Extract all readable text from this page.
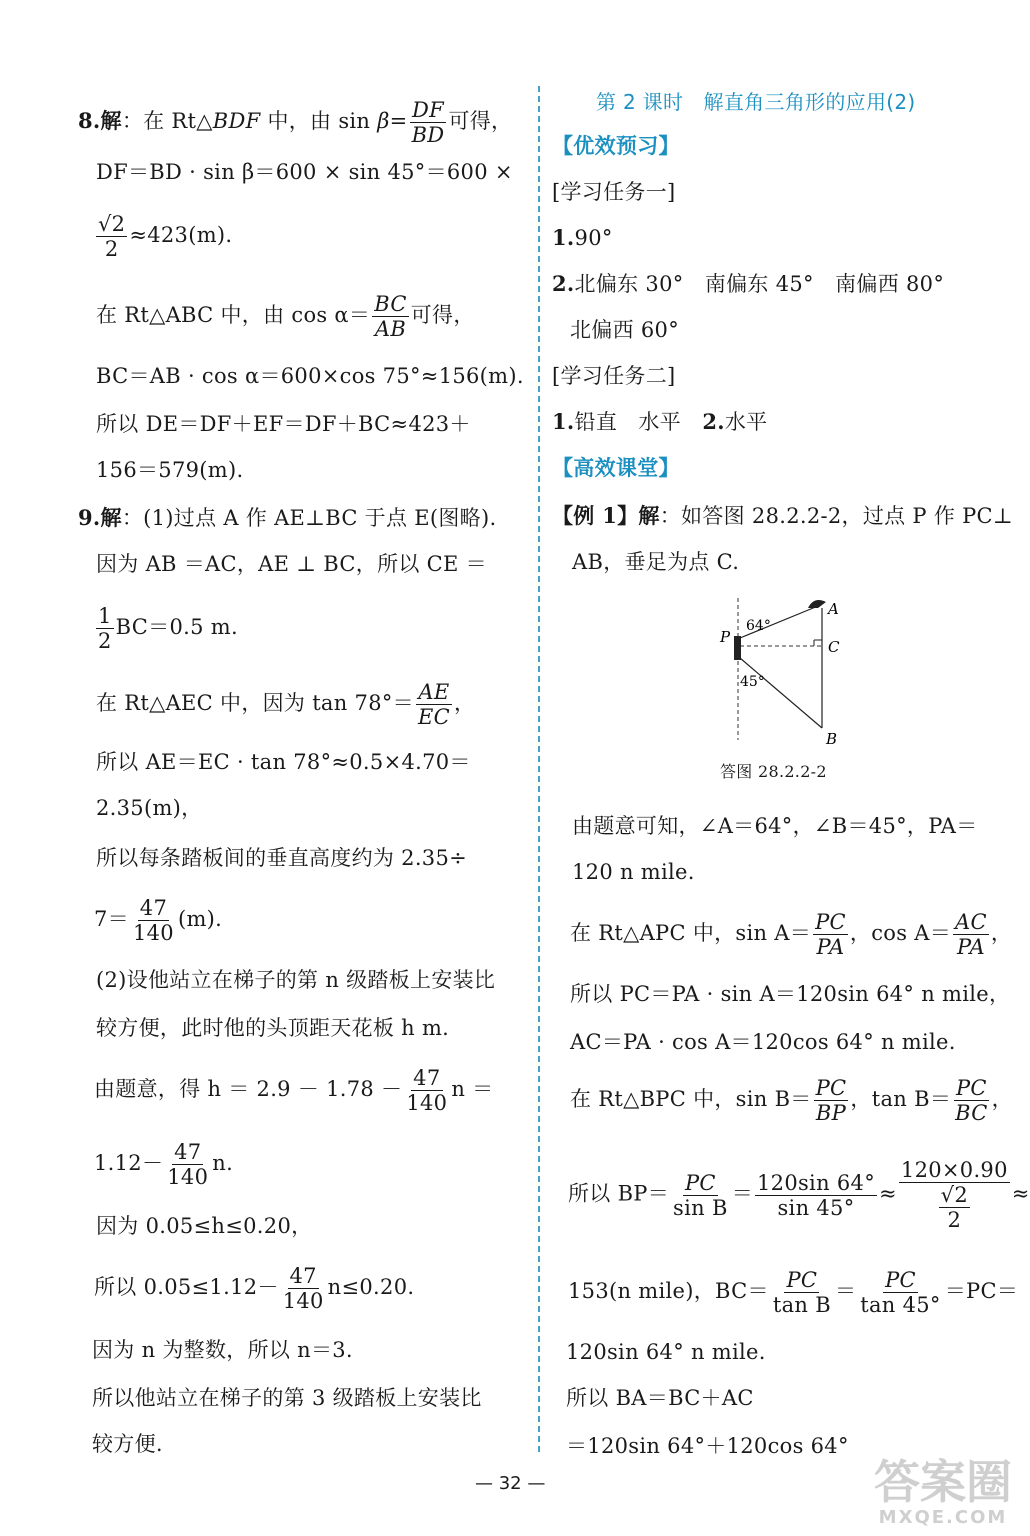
8.解：在 Rt△BDF 中，由 $\sin \beta= \frac{DF}{BD}$ 可得，
DF＝BD · sin β＝600 × sin 45°＝600 ×
$\frac{√2}{2} \approx 423(m)$.
在 Rt△ABC 中，由 $\cos \alpha= \frac{BC}{AB}$ 可得，
BC＝AB · cos α＝600×cos 75°≈156(m).
所以 DE＝DF＋EF＝DF＋BC≈423＋
156＝579(m).
9.解：(1)过点 A 作 AE⊥BC 于点 E(图略).
因为 AB ＝AC，AE ⊥ BC，所以 CE ＝
$\frac{1}{2} BC=0.5$ m.
在 Rt△AEC 中，因为 $\tan 78^\circ= \frac{AE}{EC}$ ，
所以 AE＝EC · tan 78°≈0.5×4.70＝
2.35(m)，
所以每条踏板间的垂直高度约为 2.35÷
$7= \frac{47}{140} (m)$.
(2)设他站立在梯子的第 n 级踏板上安装比
较方便，此时他的头顶距天花板 h m.
由题意，得 $h = 2.9 - 1.78 - \frac{47}{140}$ n ＝
$1.12- \frac{47}{140} n$.
因为 0.05≤h≤0.20，
所以 $0.05\le 1.12- \frac{47}{140} n\le 0.20$.
因为 n 为整数，所以 n＝3.
所以他站立在梯子的第 3 级踏板上安装比
较方便.
第 2 课时　解直角三角形的应用(2)
【优效预习】
[学习任务一]
1.90°
2.北偏东 30°　南偏东 45°　南偏西 80°
北偏西 60°
[学习任务二]
1.铅直　水平　2.水平
【高效课堂】
【例 1】解：如答图 28.2.2-2，过点 P 作 PC⊥
AB，垂足为点 C.
P
A
C
B
64°
45°
答图 28.2.2-2
由题意可知，∠A＝64°，∠B＝45°，PA＝
120 n mile.
在 Rt△APC 中，$\sin A= \frac{PC}{PA}$ ，$\cos A= \frac{AC}{PA}$ ，
所以 PC＝PA · sin A＝120sin 64° n mile，
AC＝PA · cos A＝120cos 64° n mile.
在 Rt△BPC 中，$\sin B= \frac{PC}{BP}$ ，$\tan B= \frac{PC}{BC}$ ，
所以 $BP= \frac{PC}{\text{sin B}} = \frac{120\sin 64^\circ}{\sin 45^\circ} \approx \frac{120\times 0.90}{\frac{√2}{2}}$ ≈
153(n mile)，$BC= \frac{PC}{\text{tan B}} = \frac{PC}{\tan 45^\circ} =PC=$
120sin 64° n mile.
所以 BA＝BC＋AC
＝120sin 64°＋120cos 64°
— 32 —	答案圈
MXQE.COM
